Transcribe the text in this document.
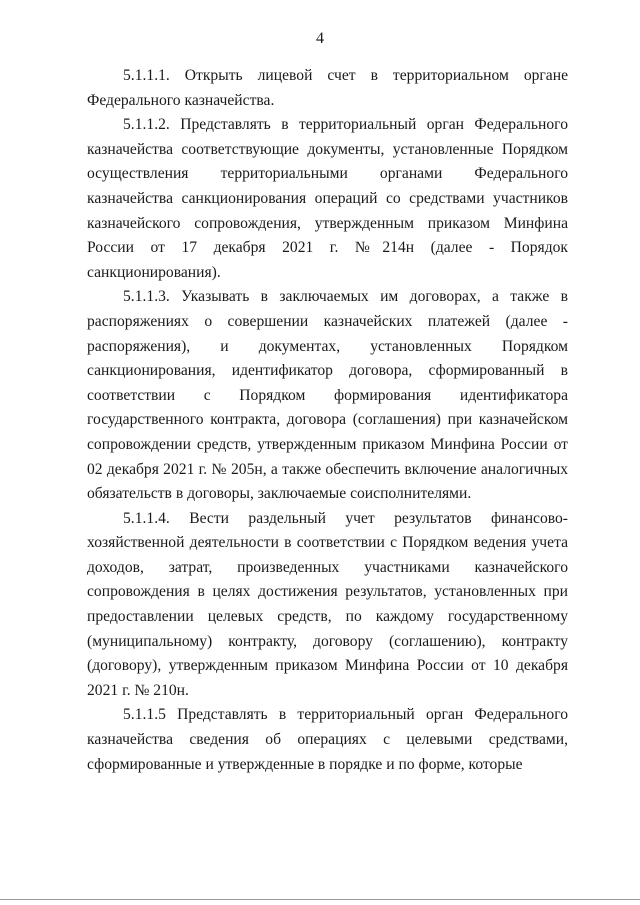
4

5.1.1.1. Открыть лицевой счет в территориальном органе Федерального казначейства.

5.1.1.2. Представлять в территориальный орган Федерального казначейства соответствующие документы, установленные Порядком осуществления территориальными органами Федерального казначейства санкционирования операций со средствами участников казначейского сопровождения, утвержденным приказом Минфина России от 17 декабря 2021 г. №214н (далее - Порядок санкционирования).

5.1.1.3. Указывать в заключаемых им договорах, а также в распоряжениях о совершении казначейских платежей (далее - распоряжения), и документах, установленных Порядком санкционирования, идентификатор договора, сформированный в соответствии с Порядком формирования идентификатора государственного контракта, договора (соглашения) при казначейском сопровождении средств, утвержденным приказом Минфина России от 02 декабря 2021 г. № 205н, а также обеспечить включение аналогичных обязательств в договоры, заключаемые соисполнителями.

5.1.1.4. Вести раздельный учет результатов финансово-хозяйственной деятельности в соответствии с Порядком ведения учета доходов, затрат, произведенных участниками казначейского сопровождения в целях достижения результатов, установленных при предоставлении целевых средств, по каждому государственному (муниципальному) контракту, договору (соглашению), контракту (договору), утвержденным приказом Минфина России от 10 декабря 2021 г. № 210н.

5.1.1.5 Представлять в территориальный орган Федерального казначейства сведения об операциях с целевыми средствами, сформированные и утвержденные в порядке и по форме, которые
